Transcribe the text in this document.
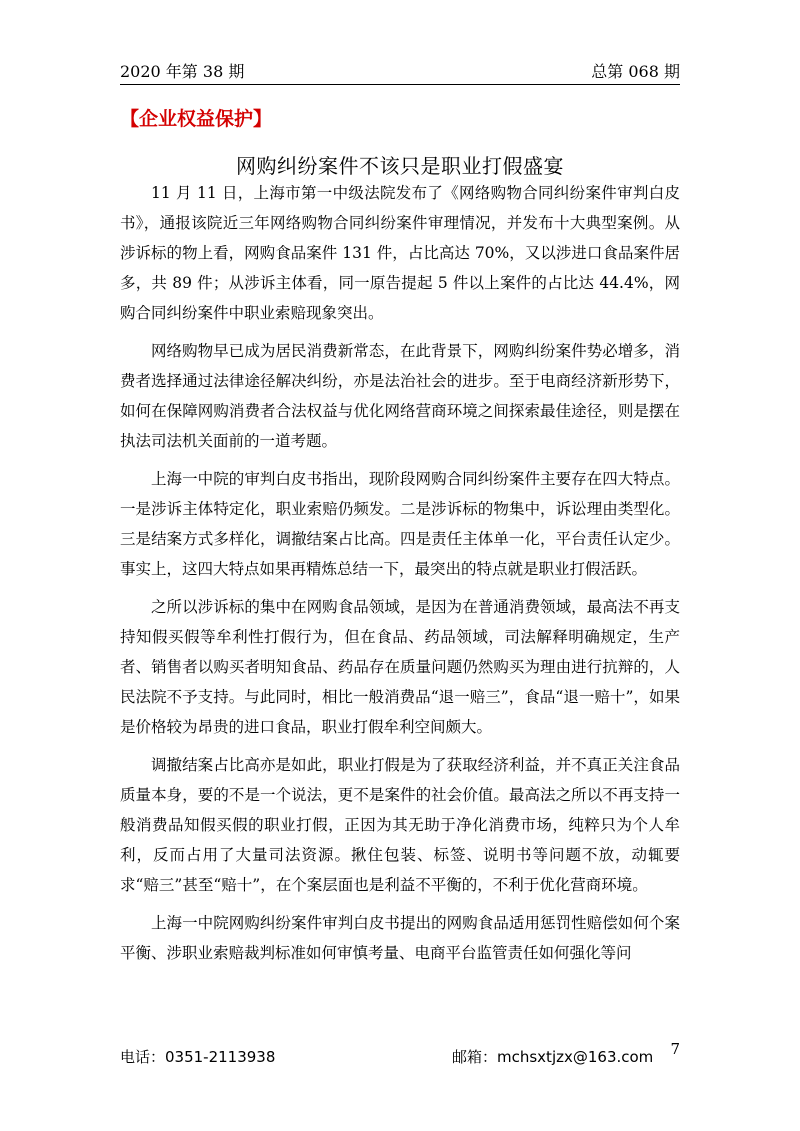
2020 年第 38 期	总第 068 期
【企业权益保护】
网购纠纷案件不该只是职业打假盛宴

11 月 11 日，上海市第一中级法院发布了《网络购物合同纠纷案件审判白皮书》，通报该院近三年网络购物合同纠纷案件审理情况，并发布十大典型案例。从涉诉标的物上看，网购食品案件 131 件，占比高达 70%，又以涉进口食品案件居多，共 89 件；从涉诉主体看，同一原告提起 5 件以上案件的占比达 44.4%，网购合同纠纷案件中职业索赔现象突出。

网络购物早已成为居民消费新常态，在此背景下，网购纠纷案件势必增多，消费者选择通过法律途径解决纠纷，亦是法治社会的进步。至于电商经济新形势下，如何在保障网购消费者合法权益与优化网络营商环境之间探索最佳途径，则是摆在执法司法机关面前的一道考题。

上海一中院的审判白皮书指出，现阶段网购合同纠纷案件主要存在四大特点。一是涉诉主体特定化，职业索赔仍频发。二是涉诉标的物集中，诉讼理由类型化。三是结案方式多样化，调撤结案占比高。四是责任主体单一化，平台责任认定少。事实上，这四大特点如果再精炼总结一下，最突出的特点就是职业打假活跃。

之所以涉诉标的集中在网购食品领域，是因为在普通消费领域，最高法不再支持知假买假等牟利性打假行为，但在食品、药品领域，司法解释明确规定，生产者、销售者以购买者明知食品、药品存在质量问题仍然购买为理由进行抗辩的，人民法院不予支持。与此同时，相比一般消费品“退一赔三”，食品“退一赔十”，如果是价格较为昂贵的进口食品，职业打假牟利空间颇大。

调撤结案占比高亦是如此，职业打假是为了获取经济利益，并不真正关注食品质量本身，要的不是一个说法，更不是案件的社会价值。最高法之所以不再支持一般消费品知假买假的职业打假，正因为其无助于净化消费市场，纯粹只为个人牟利，反而占用了大量司法资源。揪住包装、标签、说明书等问题不放，动辄要求“赔三”甚至“赔十”，在个案层面也是利益不平衡的，不利于优化营商环境。

上海一中院网购纠纷案件审判白皮书提出的网购食品适用惩罚性赔偿如何个案平衡、涉职业索赔裁判标准如何审慎考量、电商平台监管责任如何强化等问

电话：0351-2113938	邮箱：mchsxtjzx@163.com 7
